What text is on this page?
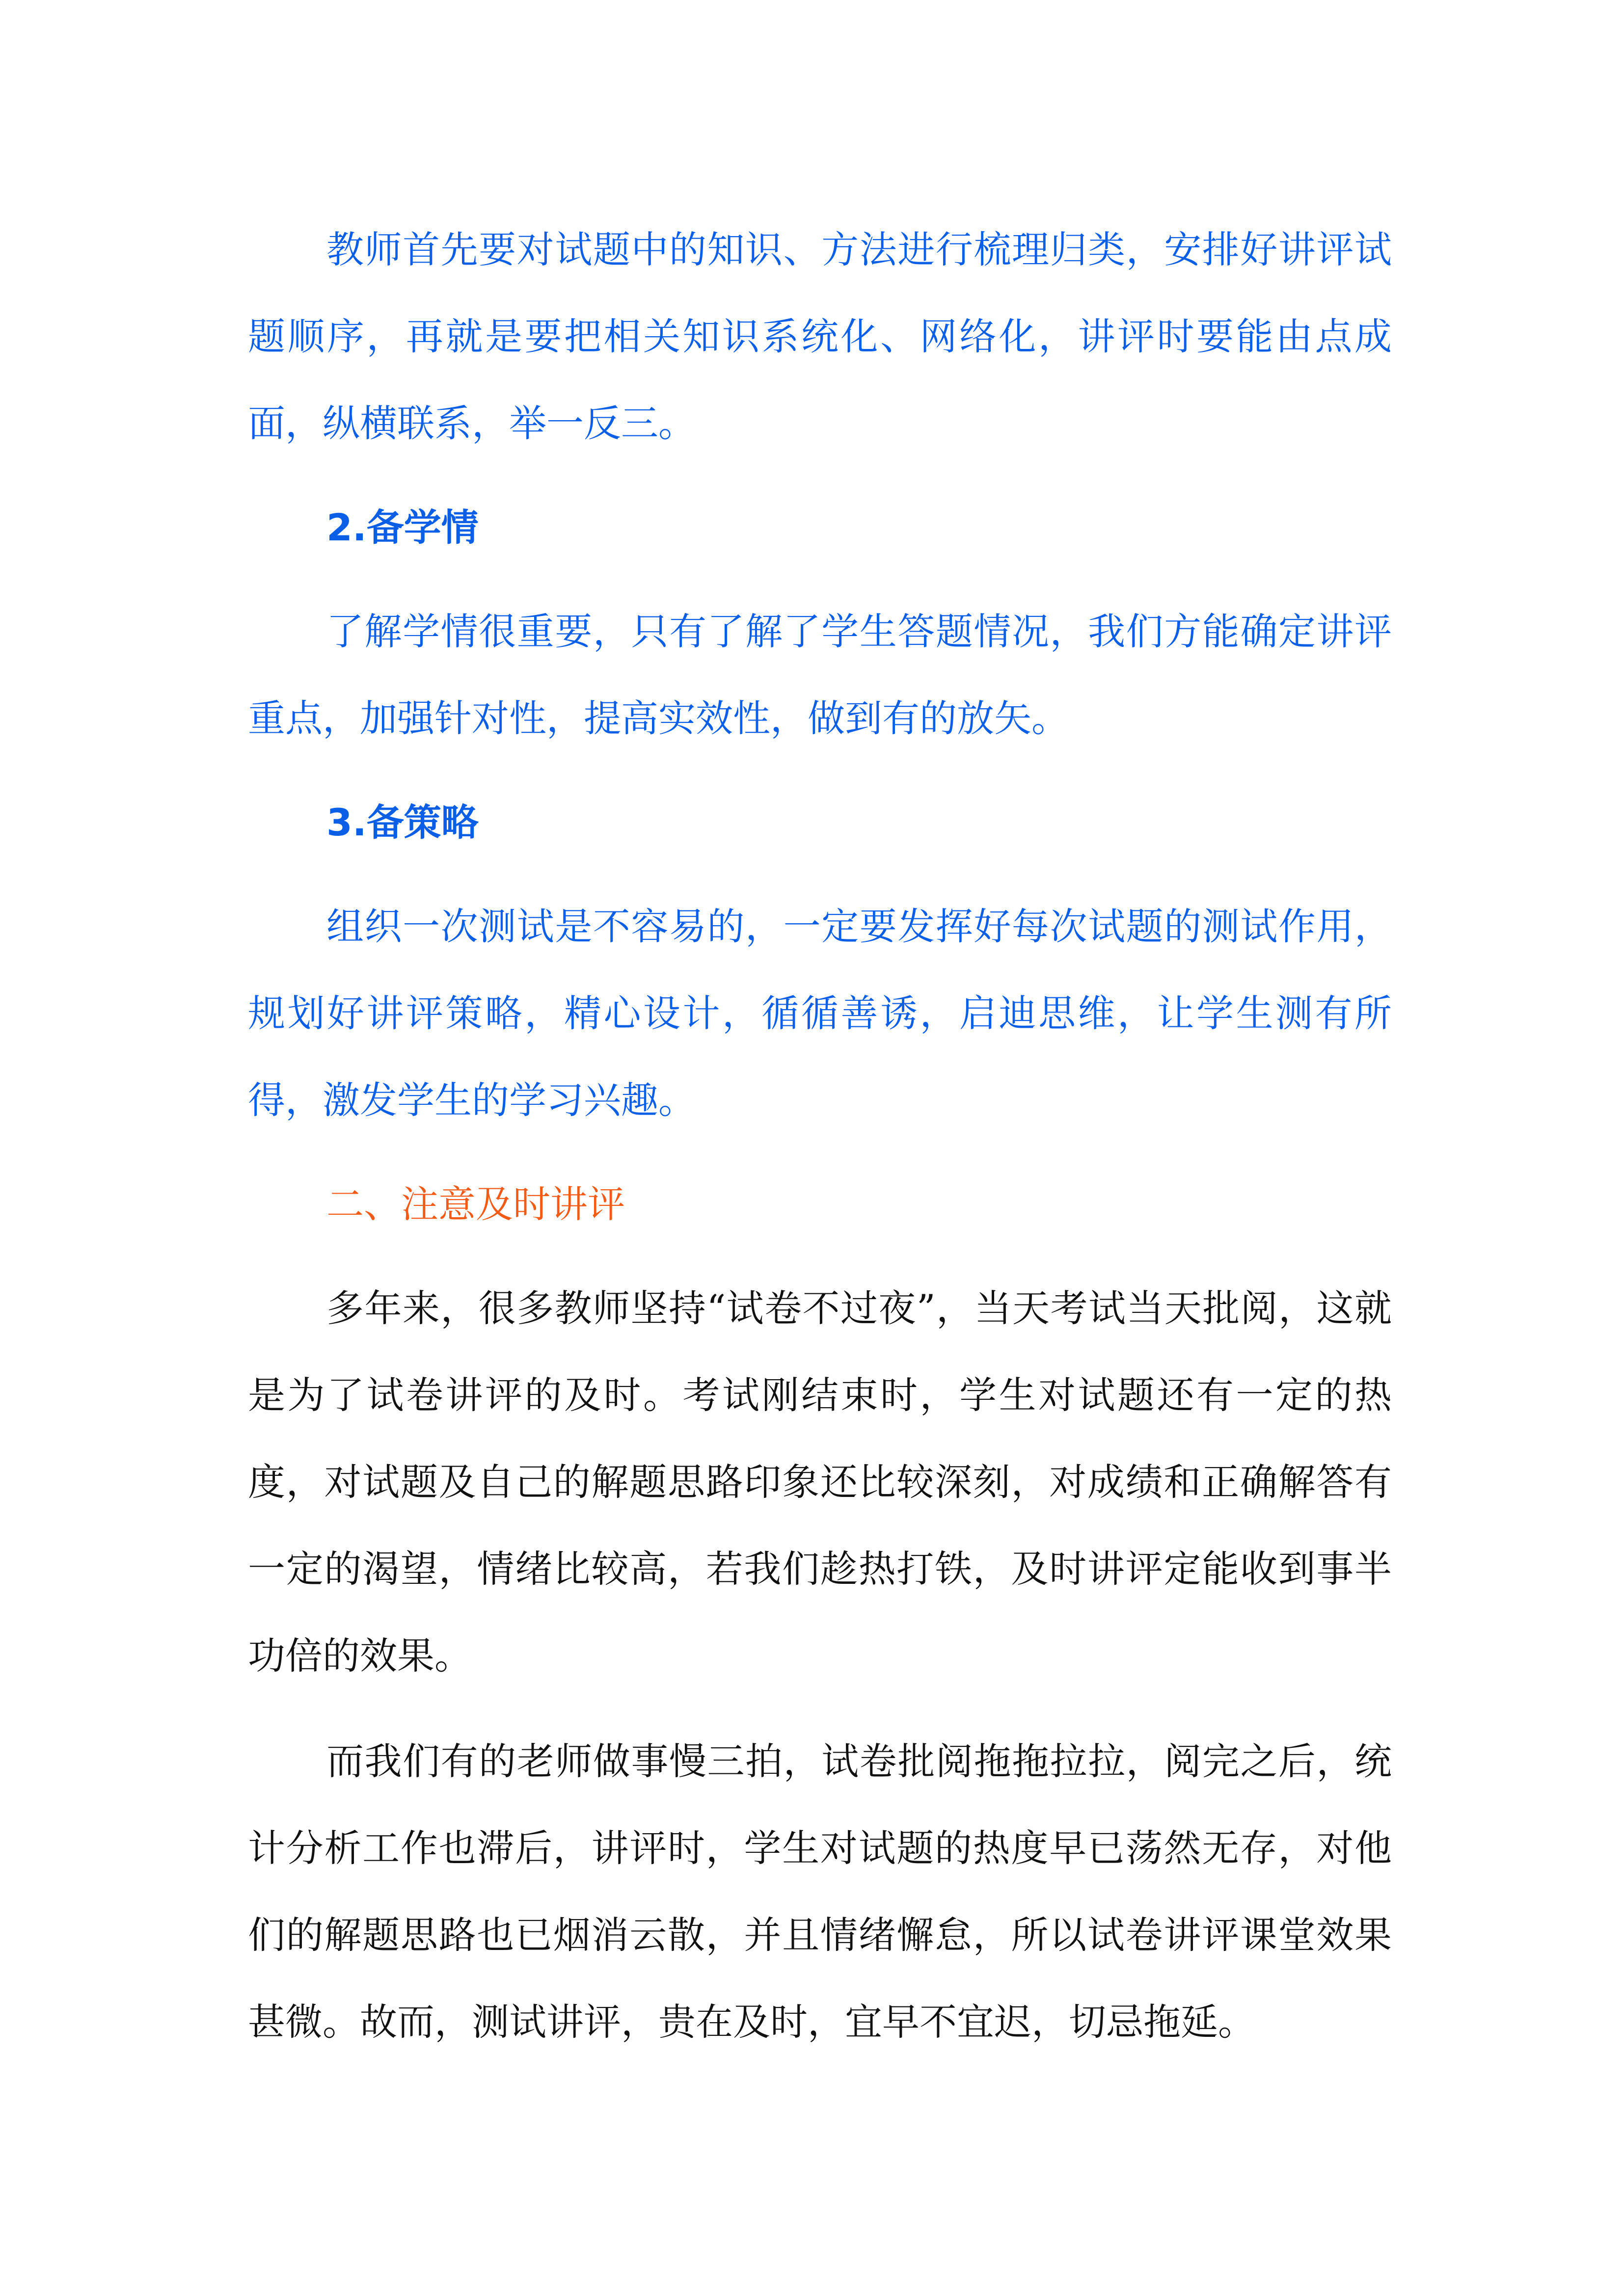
教师首先要对试题中的知识、方法进行梳理归类，安排好讲评试题顺序，再就是要把相关知识系统化、网络化，讲评时要能由点成面，纵横联系，举一反三。

2.备学情

了解学情很重要，只有了解了学生答题情况，我们方能确定讲评重点，加强针对性，提高实效性，做到有的放矢。

3.备策略

组织一次测试是不容易的，一定要发挥好每次试题的测试作用，规划好讲评策略，精心设计，循循善诱，启迪思维，让学生测有所得，激发学生的学习兴趣。

二、注意及时讲评

多年来，很多教师坚持“试卷不过夜”，当天考试当天批阅，这就是为了试卷讲评的及时。考试刚结束时，学生对试题还有一定的热度，对试题及自己的解题思路印象还比较深刻，对成绩和正确解答有一定的渴望，情绪比较高，若我们趁热打铁，及时讲评定能收到事半功倍的效果。

而我们有的老师做事慢三拍，试卷批阅拖拖拉拉，阅完之后，统计分析工作也滞后，讲评时，学生对试题的热度早已荡然无存，对他们的解题思路也已烟消云散，并且情绪懈怠，所以试卷讲评课堂效果甚微。故而，测试讲评，贵在及时，宜早不宜迟，切忌拖延。
